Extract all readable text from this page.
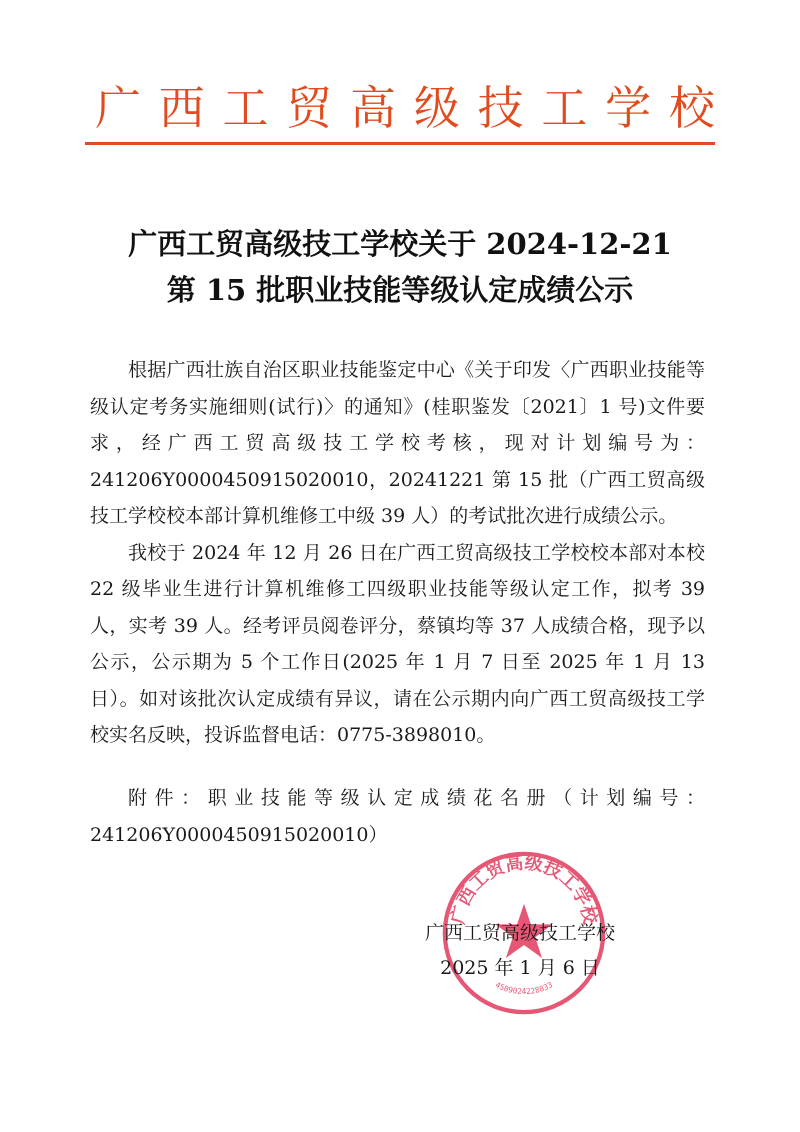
广 西 工 贸 高 级 技 工 学 校
广西工贸高级技工学校关于 2024-12-21
第 15 批职业技能等级认定成绩公示

根据广西壮族自治区职业技能鉴定中心《关于印发〈广西职业技能等级认定考务实施细则(试行)〉的通知》(桂职鉴发〔2021〕1 号)文件要求，经广西工贸高级技工学校考核，现对计划编号为：241206Y0000450915020010，20241221 第 15 批（广西工贸高级技工学校校本部计算机维修工中级 39 人）的考试批次进行成绩公示。

我校于 2024 年 12 月 26 日在广西工贸高级技工学校校本部对本校 22 级毕业生进行计算机维修工四级职业技能等级认定工作，拟考 39 人，实考 39 人。经考评员阅卷评分，蔡镇均等 37 人成绩合格，现予以公示，公示期为 5 个工作日(2025 年 1 月 7 日至 2025 年 1 月 13 日）。如对该批次认定成绩有异议，请在公示期内向广西工贸高级技工学校实名反映，投诉监督电话：0775-3898010。

附件：职业技能等级认定成绩花名册（计划编号：241206Y0000450915020010）

广西工贸高级技工学校
4509024228833
广西工贸高级技工学校
2025 年 1 月 6 日
